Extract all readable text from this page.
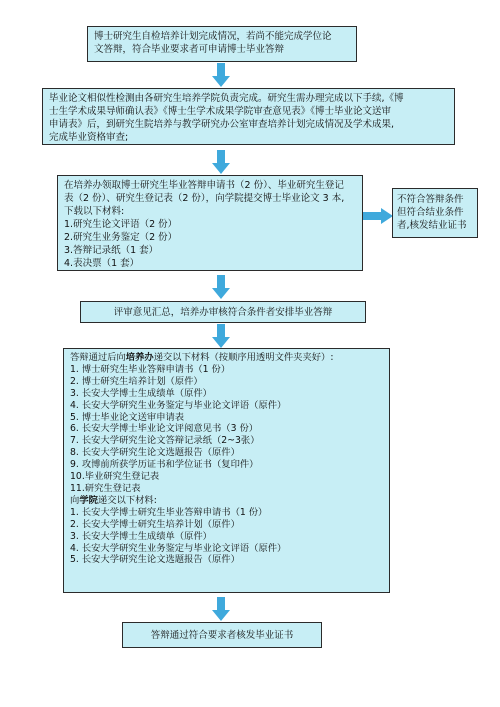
博士研究生自检培养计划完成情况，若尚不能完成学位论
文答辩，符合毕业要求者可申请博士毕业答辩
毕业论文相似性检测由各研究生培养学院负责完成。研究生需办理完成以下手续,《博
士生学术成果导师确认表》《博士生学术成果学院审查意见表》《博士毕业论文送审
申请表》后，到研究生院培养与教学研究办公室审查培养计划完成情况及学术成果,
完成毕业资格审查;
在培养办领取博士研究生毕业答辩申请书（2 份）、毕业研究生登记
表（2 份）、研究生登记表（2 份），向学院提交博士毕业论文 3 本,
下载以下材料:
1.研究生论文评语（2 份）
2.研究生业务鉴定（2 份）
3.答辩记录纸（1 套）
4.表决票（1 套）
不符合答辩条件
但符合结业条件
者,核发结业证书
评审意见汇总，培养办审核符合条件者安排毕业答辩
答辩通过后向培养办递交以下材料（按顺序用透明文件夹夹好）:
1. 博士研究生毕业答辩申请书（1 份）
2. 博士研究生培养计划（原件）
3. 长安大学博士生成绩单（原件）
4. 长安大学研究生业务鉴定与毕业论文评语（原件）
5. 博士毕业论文送审申请表
6. 长安大学博士毕业论文评阅意见书（3 份）
7. 长安大学研究生论文答辩记录纸（2~3张）
8. 长安大学研究生论文选题报告（原件）
9. 攻博前所获学历证书和学位证书（复印件）
10.毕业研究生登记表
11.研究生登记表
向学院递交以下材料:
1. 长安大学博士研究生毕业答辩申请书（1 份）
2. 长安大学博士研究生培养计划（原件）
3. 长安大学博士生成绩单（原件）
4. 长安大学研究生业务鉴定与毕业论文评语（原件）
5. 长安大学研究生论文选题报告（原件）
答辩通过符合要求者核发毕业证书
